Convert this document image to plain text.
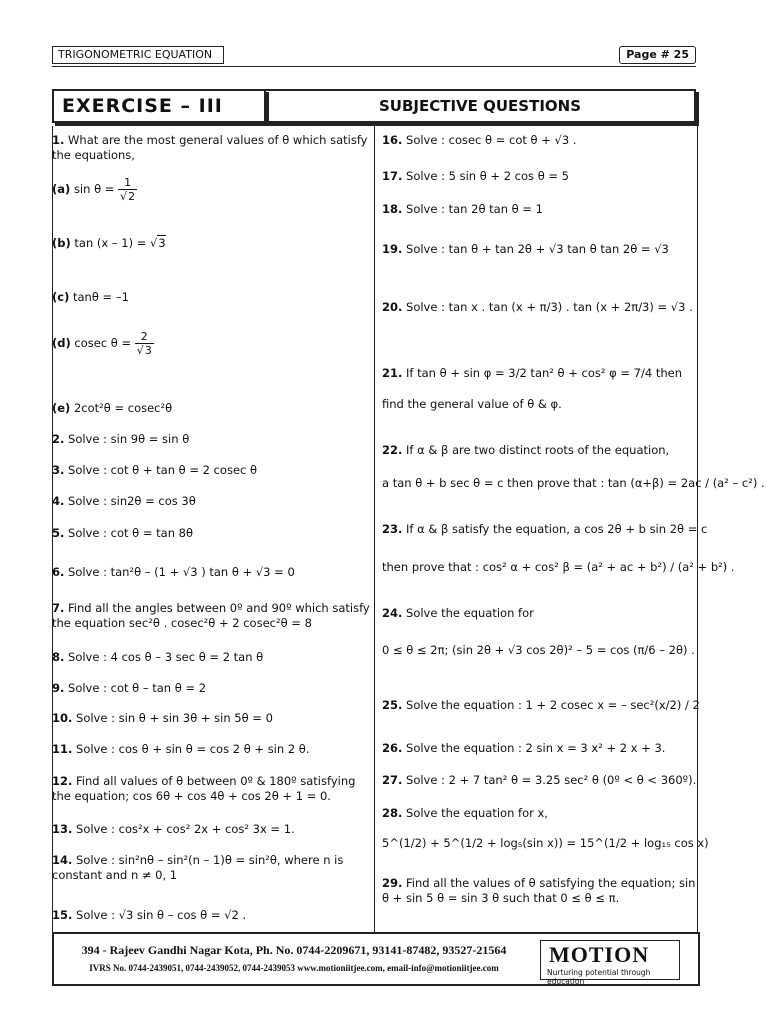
TRIGONOMETRIC EQUATION	Page # 25
EXERCISE – III	SUBJECTIVE QUESTIONS
1. What are the most general values of θ which satisfy the equations,
(a) $\sin \theta = \frac{1}{√2}$
(b) tan (x – 1) = √3
(c) tanθ = –1
(d) cosec $\theta = \frac{2}{√3}$
(e) 2cot²θ = cosec²θ
2. Solve : sin 9θ = sin θ
3. Solve : cot θ + tan θ = 2 cosec θ
4. Solve : sin2θ = cos 3θ
5. Solve : cot θ = tan 8θ
6. Solve : tan²θ – (1 + √3 ) tan θ + √3 = 0
7. Find all the angles between 0º and 90º which satisfy the equation sec²θ . cosec²θ + 2 cosec²θ = 8
8. Solve : 4 cos θ – 3 sec θ = 2 tan θ
9. Solve : cot θ – tan θ = 2
10. Solve : sin θ + sin 3θ + sin 5θ = 0
11. Solve : cos θ + sin θ = cos 2 θ + sin 2 θ.
12. Find all values of θ between 0º & 180º satisfying the equation; cos 6θ + cos 4θ + cos 2θ + 1 = 0.
13. Solve : cos²x + cos² 2x + cos² 3x = 1.
14. Solve : sin²nθ – sin²(n – 1)θ = sin²θ, where n is constant and n ≠ 0, 1
15. Solve : √3 sin θ – cos θ = √2 .
16. Solve : cosec θ = cot θ + √3 .
17. Solve : 5 sin θ + 2 cos θ = 5
18. Solve : tan 2θ tan θ = 1
19. Solve : tan θ + tan 2θ + √3 tan θ tan 2θ = √3
20. Solve : tan x . tan (x + π/3) . tan (x + 2π/3) = √3 .
21. If tan θ + sin φ = 3/2 tan² θ + cos² φ = 7/4 then
find the general value of θ & φ.
22. If α & β are two distinct roots of the equation,
a tan θ + b sec θ = c then prove that : tan (α+β) = 2ac / (a² – c²) .
23. If α & β satisfy the equation, a cos 2θ + b sin 2θ = c
then prove that : cos² α + cos² β = (a² + ac + b²) / (a² + b²) .
24. Solve the equation for
0 ≤ θ ≤ 2π; (sin 2θ + √3 cos 2θ)² – 5 = cos (π/6 – 2θ) .
25. Solve the equation : 1 + 2 cosec x = – sec²(x/2) / 2
26. Solve the equation : 2 sin x = 3 x² + 2 x + 3.
27. Solve : 2 + 7 tan² θ = 3.25 sec² θ (0º < θ < 360º).
28. Solve the equation for x,
5^(1/2) + 5^(1/2 + log₅(sin x)) = 15^(1/2 + log₁₅ cos x)
29. Find all the values of θ satisfying the equation; sin θ + sin 5 θ = sin 3 θ such that 0 ≤ θ ≤ π.
394 - Rajeev Gandhi Nagar Kota, Ph. No. 0744-2209671, 93141-87482, 93527-21564
IVRS No. 0744-2439051, 0744-2439052, 0744-2439053 www.motioniitjee.com, email-info@motioniitjee.com
MOTION
Nurturing potential through education
